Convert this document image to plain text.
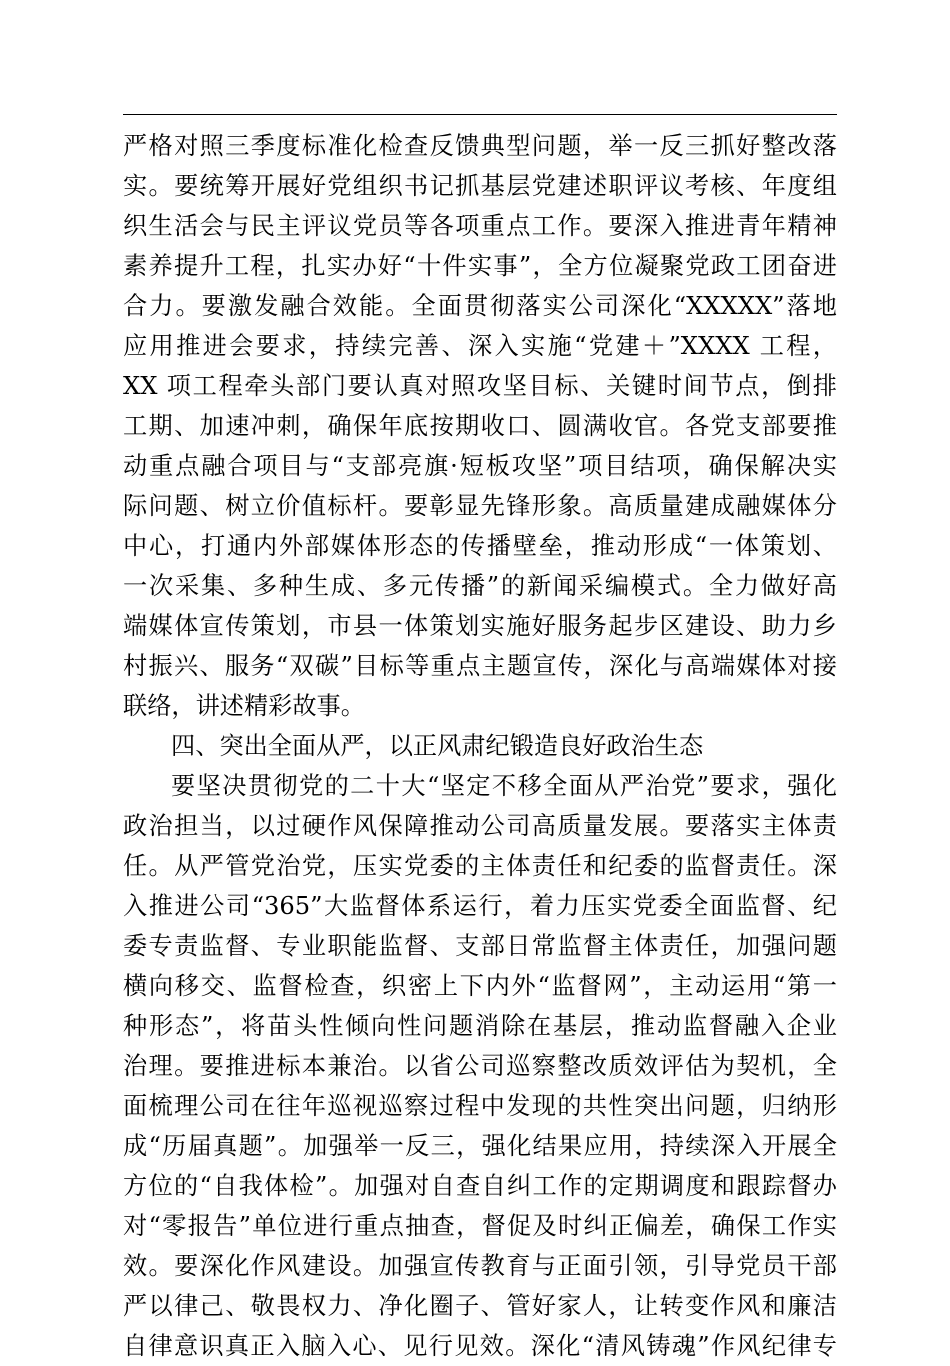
严格对照三季度标准化检查反馈典型问题，举一反三抓好整改落
实。要统筹开展好党组织书记抓基层党建述职评议考核、年度组
织生活会与民主评议党员等各项重点工作。要深入推进青年精神
素养提升工程，扎实办好“十件实事”，全方位凝聚党政工团奋进
合力。要激发融合效能。全面贯彻落实公司深化“XXXXX”落地
应用推进会要求，持续完善、深入实施“党建＋”XXXX 工程，
XX 项工程牵头部门要认真对照攻坚目标、关键时间节点，倒排
工期、加速冲刺，确保年底按期收口、圆满收官。各党支部要推
动重点融合项目与“支部亮旗·短板攻坚”项目结项，确保解决实
际问题、树立价值标杆。要彰显先锋形象。高质量建成融媒体分
中心，打通内外部媒体形态的传播壁垒，推动形成“一体策划、
一次采集、多种生成、多元传播”的新闻采编模式。全力做好高
端媒体宣传策划，市县一体策划实施好服务起步区建设、助力乡
村振兴、服务“双碳”目标等重点主题宣传，深化与高端媒体对接
联络，讲述精彩故事。
四、突出全面从严，以正风肃纪锻造良好政治生态
要坚决贯彻党的二十大“坚定不移全面从严治党”要求，强化
政治担当，以过硬作风保障推动公司高质量发展。要落实主体责
任。从严管党治党，压实党委的主体责任和纪委的监督责任。深
入推进公司“365”大监督体系运行，着力压实党委全面监督、纪
委专责监督、专业职能监督、支部日常监督主体责任，加强问题
横向移交、监督检查，织密上下内外“监督网”，主动运用“第一
种形态”，将苗头性倾向性问题消除在基层，推动监督融入企业
治理。要推进标本兼治。以省公司巡察整改质效评估为契机，全
面梳理公司在往年巡视巡察过程中发现的共性突出问题，归纳形
成“历届真题”。加强举一反三，强化结果应用，持续深入开展全
方位的“自我体检”。加强对自查自纠工作的定期调度和跟踪督办
对“零报告”单位进行重点抽查，督促及时纠正偏差，确保工作实
效。要深化作风建设。加强宣传教育与正面引领，引导党员干部
严以律己、敬畏权力、净化圈子、管好家人，让转变作风和廉洁
自律意识真正入脑入心、见行见效。深化“清风铸魂”作风纪律专
